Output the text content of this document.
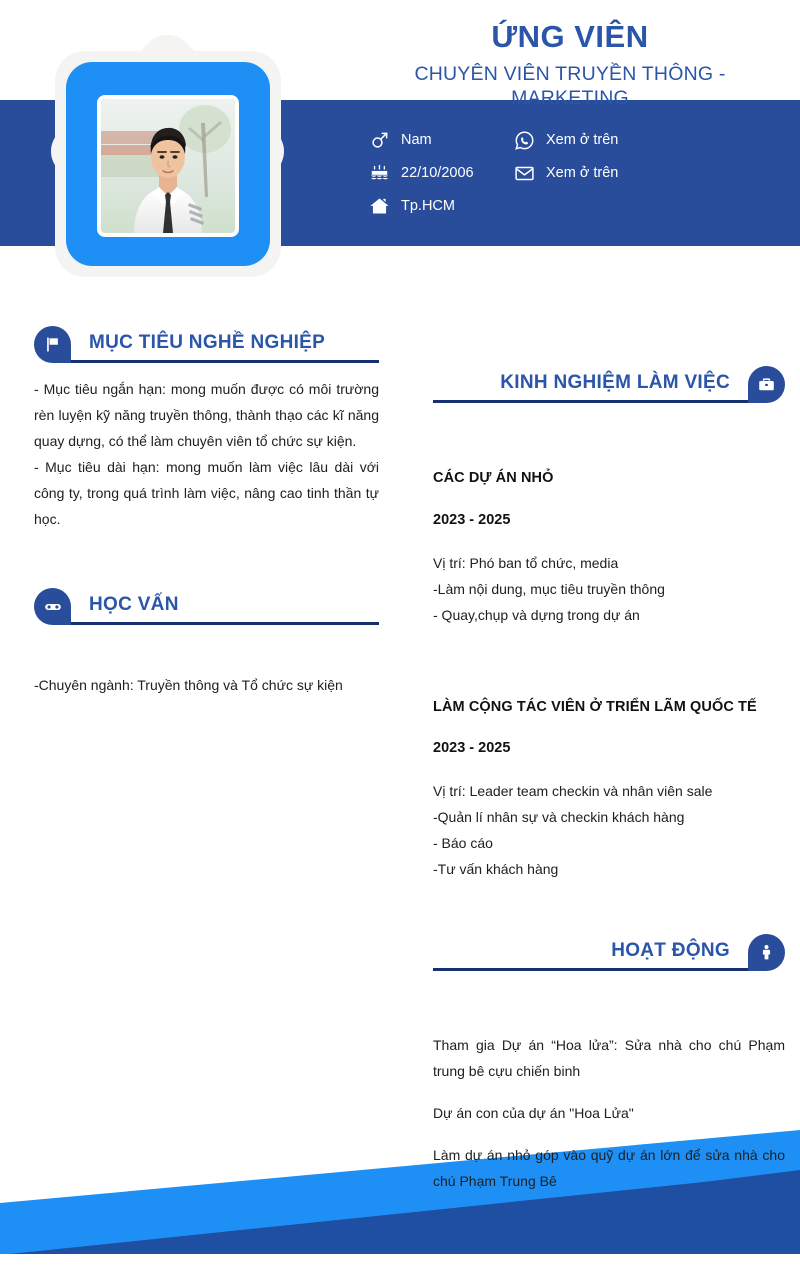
ỨNG VIÊN
CHUYÊN VIÊN TRUYỀN THÔNG - MARKETING
Nam	Xem ở trên
22/10/2006	Xem ở trên
Tp.HCM
MỤC TIÊU NGHỀ NGHIỆP
- Mục tiêu ngắn hạn: mong muốn được có môi trường rèn luyện kỹ năng truyền thông, thành thạo các kĩ năng quay dựng, có thể làm chuyên viên tổ chức sự kiện.
- Mục tiêu dài hạn: mong muốn làm việc lâu dài với công ty, trong quá trình làm việc, nâng cao tinh thần tự học.
HỌC VẤN
-Chuyên ngành: Truyền thông và Tổ chức sự kiện
KINH NGHIỆM LÀM VIỆC
CÁC DỰ ÁN NHỎ
2023 - 2025
Vị trí: Phó ban tổ chức, media
-Làm nội dung, mục tiêu truyền thông
- Quay,chụp và dựng trong dự án
LÀM CỘNG TÁC VIÊN Ở TRIỂN LÃM QUỐC TẾ
2023 - 2025
Vị trí: Leader team checkin và nhân viên sale
-Quản lí nhân sự và checkin khách hàng
- Báo cáo
-Tư vấn khách hàng
HOẠT ĐỘNG
Tham gia Dự án “Hoa lửa”: Sửa nhà cho chú Phạm trung bê cựu chiến binh
Dự án con của dự án "Hoa Lửa"
Làm dự án nhỏ góp vào quỹ dự án lớn để sửa nhà cho chú Phạm Trung Bê
